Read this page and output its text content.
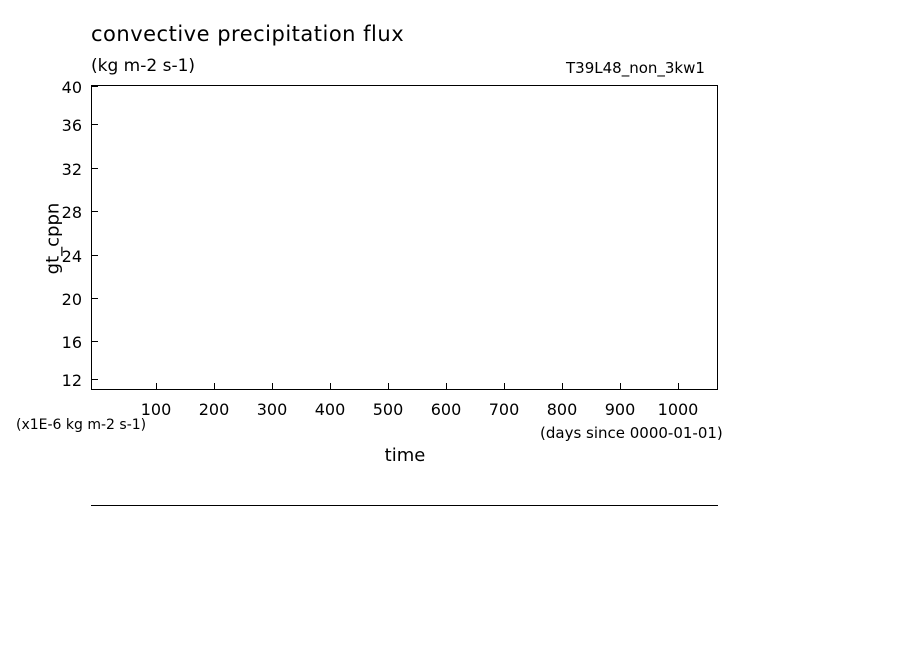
convective precipitation flux
(kg m-2 s-1)	T39L48_non_3kw1
gt_cppn
40
36
32
28
24
20
16
12
100	200	300	400	500	600	700	800	900	1000
time
(x1E-6 kg m-2 s-1)	(days since 0000-01-01)
